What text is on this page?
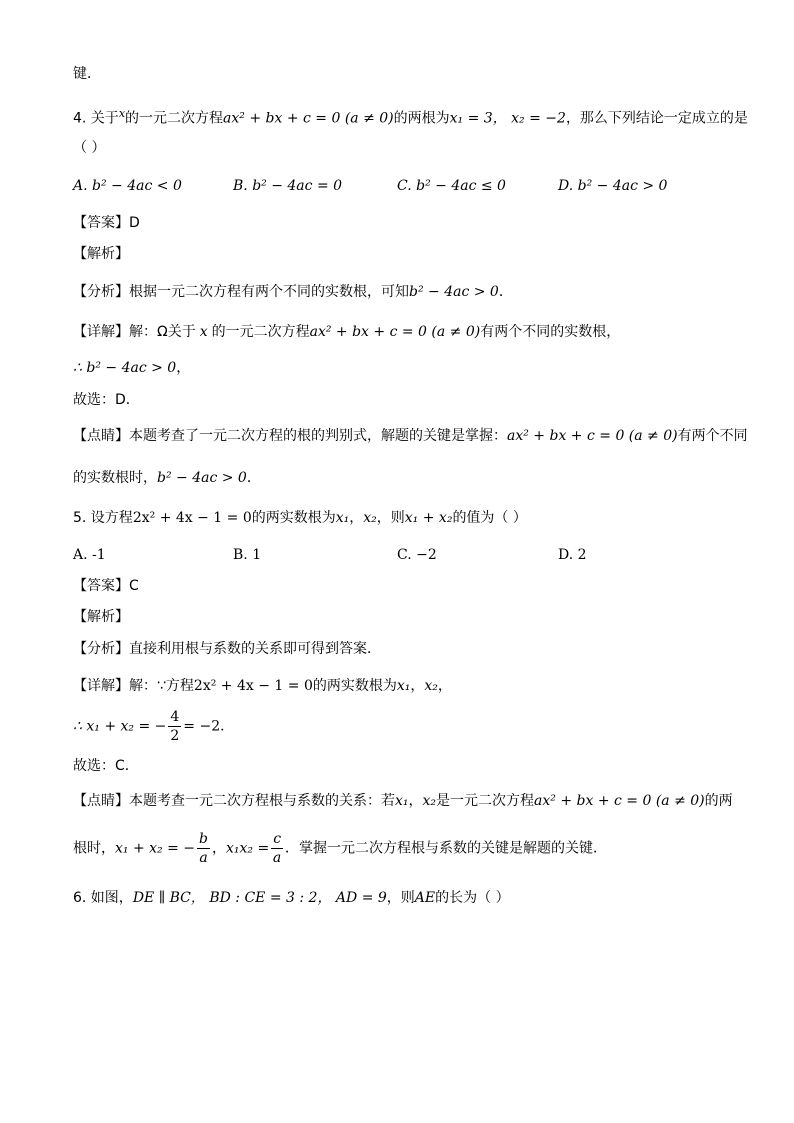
键．
4. 关于$^x$的一元二次方程ax² + bx + c = 0 (a ≠ 0)的两根为x₁ = 3， x₂ = −2，那么下列结论一定成立的是
（ ）
A. b² − 4ac < 0	B. b² − 4ac = 0	C. b² − 4ac ≤ 0	D. b² − 4ac > 0
【答案】D
【解析】
【分析】根据一元二次方程有两个不同的实数根，可知b² − 4ac > 0．
【详解】解：Ω关于 x 的一元二次方程ax² + bx + c = 0 (a ≠ 0)有两个不同的实数根，
∴ b² − 4ac > 0，
故选：D．
【点睛】本题考查了一元二次方程的根的判别式，解题的关键是掌握：ax² + bx + c = 0 (a ≠ 0)有两个不同
的实数根时，b² − 4ac > 0．
5. 设方程2x² + 4x − 1 = 0的两实数根为x₁，x₂，则x₁ + x₂的值为（ ）
A. -1	B. 1	C. −2	D. 2
【答案】C
【解析】
【分析】直接利用根与系数的关系即可得到答案．
【详解】解：∵方程2x² + 4x − 1 = 0的两实数根为x₁，x₂，
∴ x₁ + x₂ = − $\frac{4}{2} = -2$．
故选：C．
【点睛】本题考查一元二次方程根与系数的关系：若x₁，x₂是一元二次方程ax² + bx + c = 0 (a ≠ 0)的两
根时，x₁ + x₂ = − $\frac{b}{a}$ ，$x_1x_2 = \frac{c}{a}$ ．掌握一元二次方程根与系数的关键是解题的关键．
6. 如图，DE ∥ BC， BD : CE = 3 : 2， AD = 9，则AE的长为（ ）
